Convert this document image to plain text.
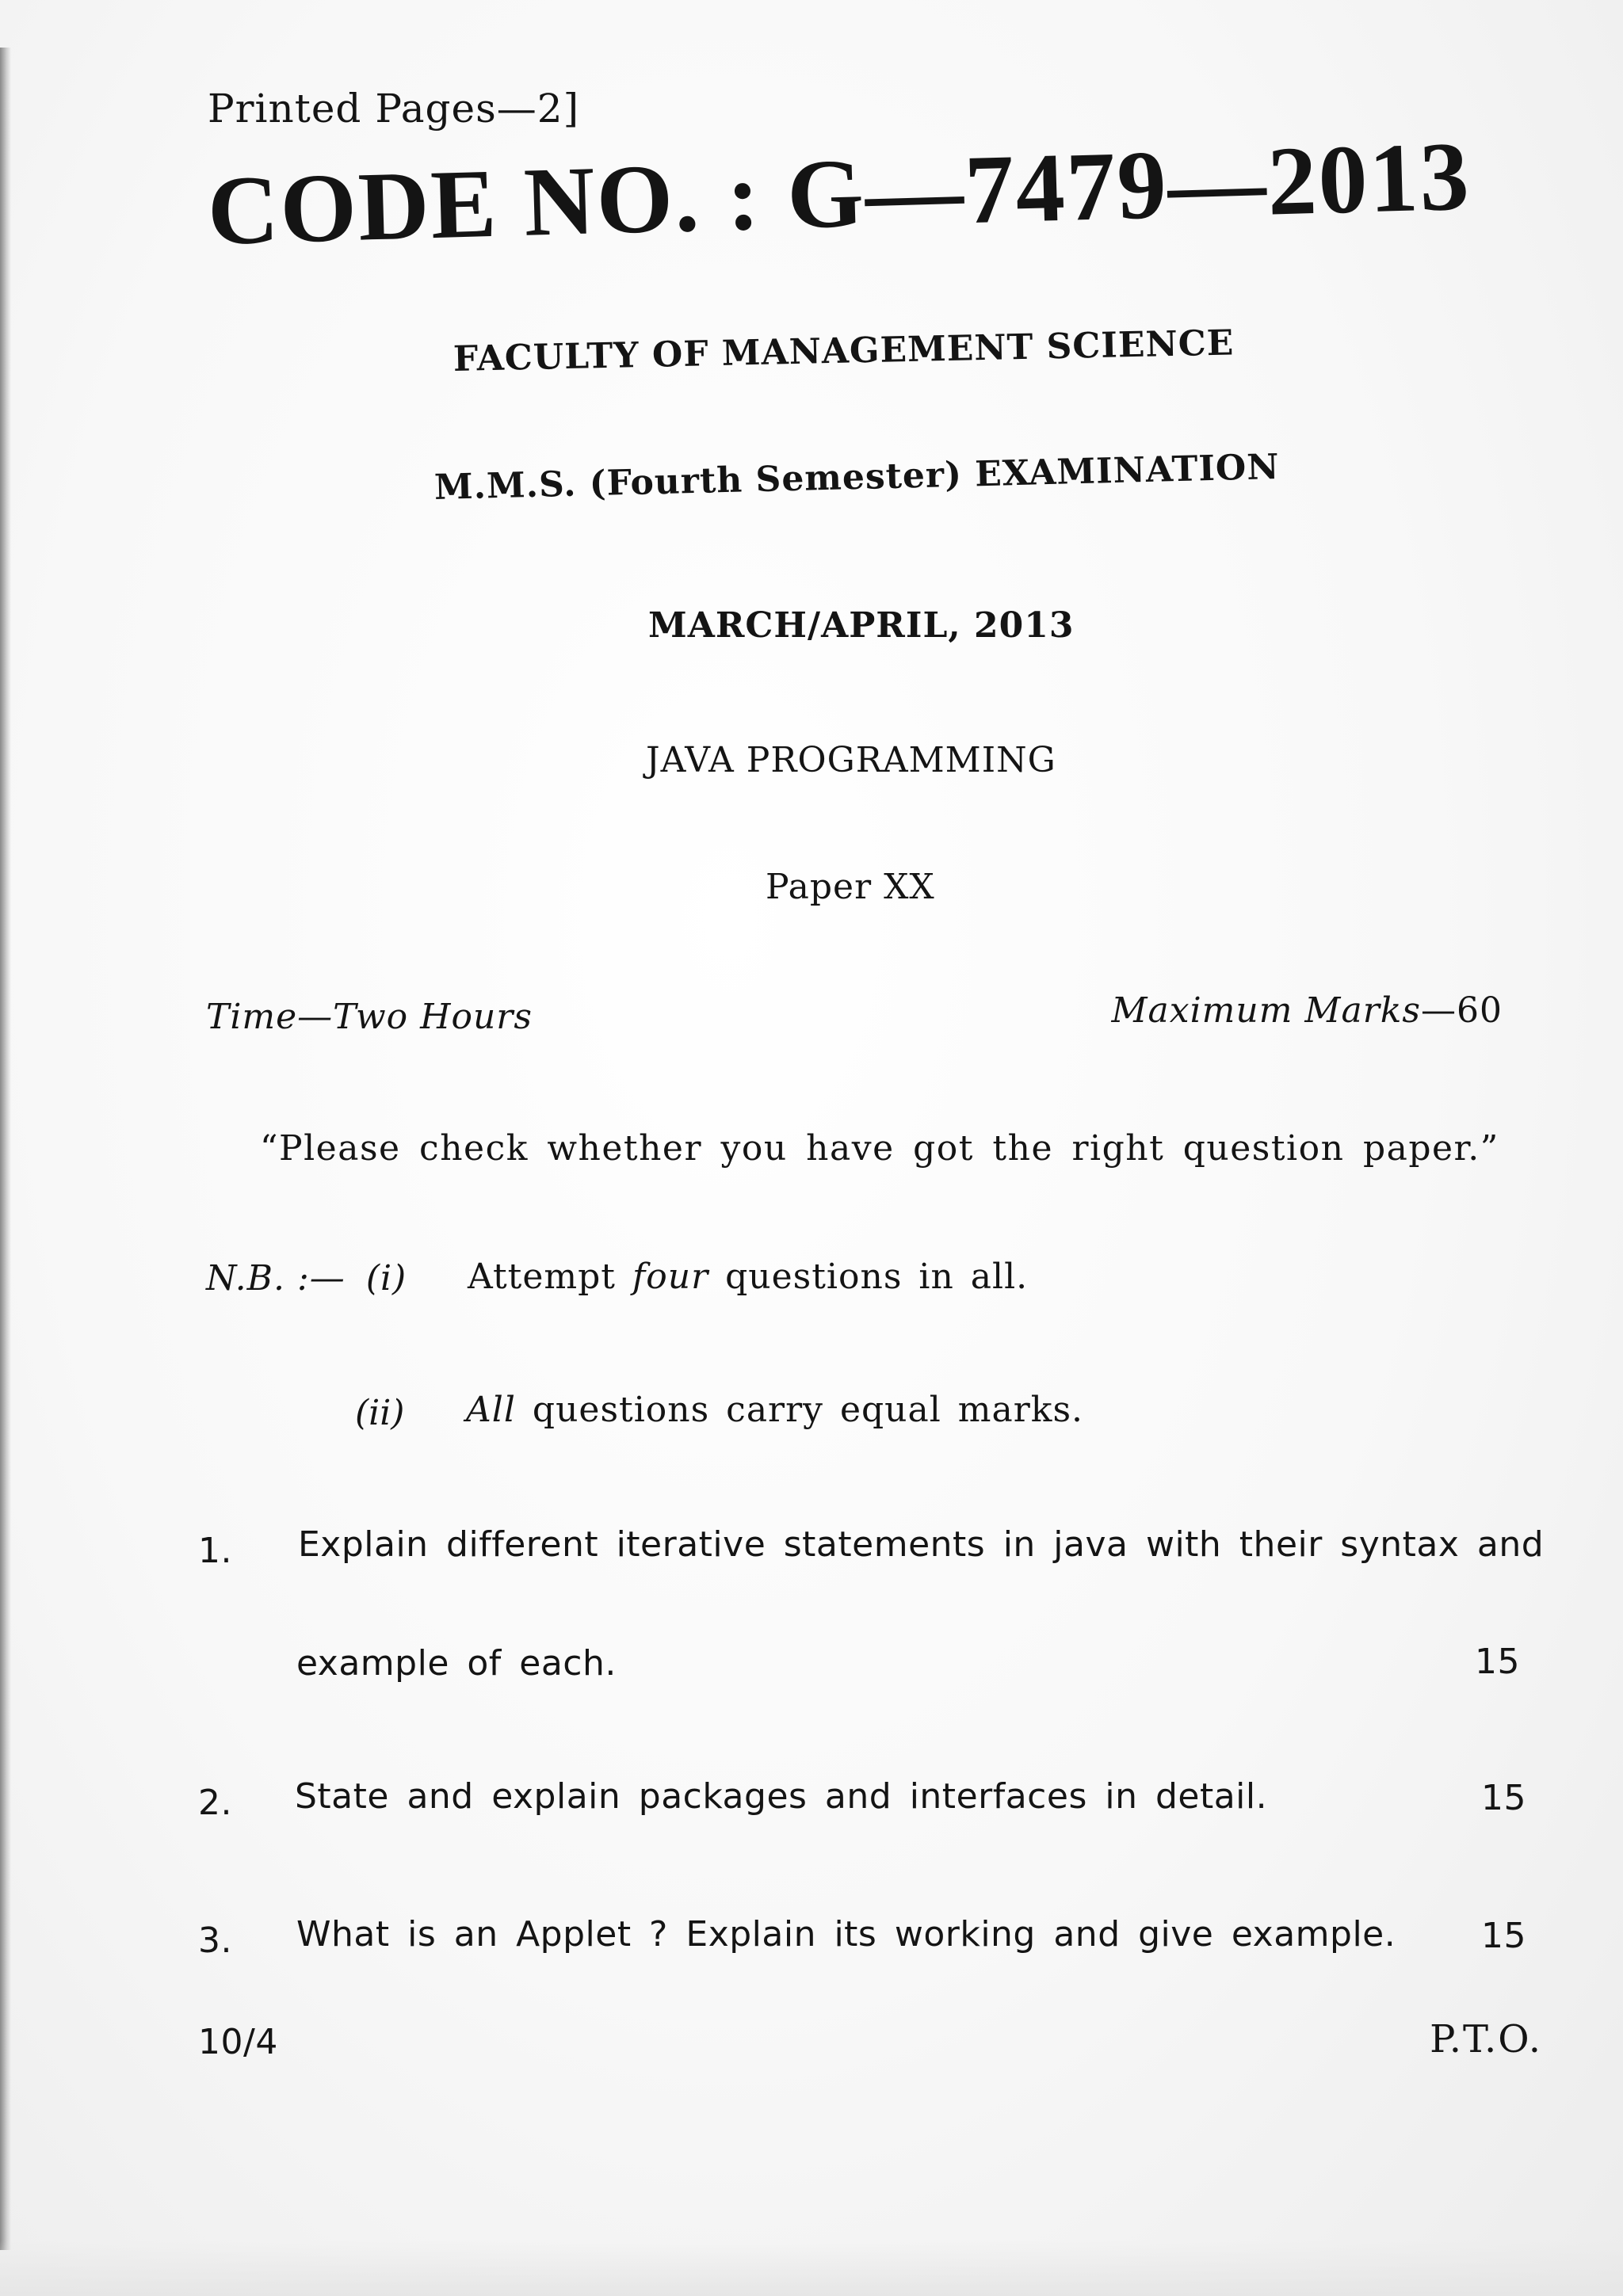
Printed Pages—2]
CODE NO. : G—7479—2013
FACULTY OF MANAGEMENT SCIENCE
M.M.S. (Fourth Semester) EXAMINATION
MARCH/APRIL, 2013
JAVA PROGRAMMING
Paper XX
Time—Two Hours	Maximum Marks—60
“Please check whether you have got the right question paper.”
N.B. :— (i) Attempt four questions in all.
(ii) All questions carry equal marks.
1. Explain different iterative statements in java with their syntax and
example of each.	15
2. State and explain packages and interfaces in detail.	15
3. What is an Applet ? Explain its working and give example. 15
10/4	P.T.O.
